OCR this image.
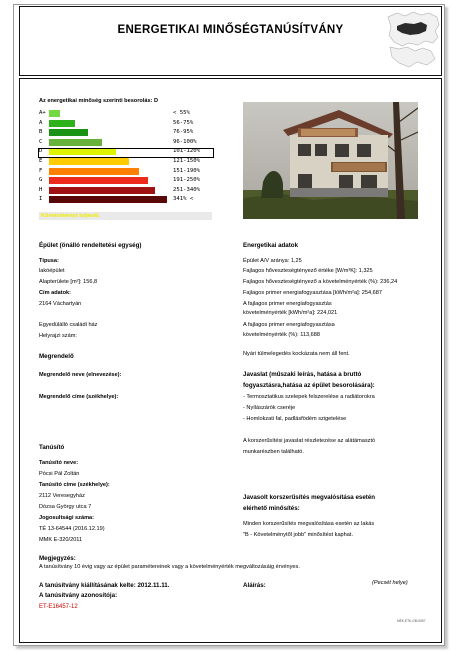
ENERGETIKAI MINŐSÉGTANÚSÍTVÁNY
Az energetikai minőség szerinti besorolás: D
A+	< 55%
A	56-75%
B	76-95%
C	96-100%
D	101-120%
E	121-150%
F	151-190%
G	191-250%
H	251-340%
I	341% <
Követelményt teljesíti.
Épület (önálló rendeltetési egység)
Típusa:
lakóépület
Alapterülete [m²]: 156,8
Cím adatok:
2164 Váchartyán
Egyedülálló családi ház
Helyrajzi szám:
Energetikai adatok
Épület A/V aránya: 1,25
Fajlagos hőveszteségtényező értéke [W/m³K]: 1,325
Fajlagos hőveszteségtényező a követelményérték (%): 236,24
Fajlagos primer energiafogyasztása [kWh/m²a]: 254,687
A fajlagos primer energiafogyasztás
követelményérték [kWh/m²a]: 224,021
A fajlagos primer energiafogyasztása
követelményérték (%): 113,688
Nyári túlmelegedés kockázata nem áll fent.
Megrendelő
Megrendelő neve (elnevezése):
Megrendelő címe (székhelye):
Javaslat (műszaki leírás, hatása a bruttó
fogyasztásra,hatása az épület besorolására):
- Termosztatikus szelepek felszerelése a radiátorokra
- Nyílászárók cseréje
- Homlokzati fal, padlásfödém szigetelése
A korszerűsítési javaslat részletezése az alátámasztó
munkarészben található.
Tanúsító
Tanúsító neve:
Pócsi Pál Zoltán
Tanúsító címe (székhelye):
2112 Veresegyház
Dózsa György utca 7
Jogosultsági száma:
TÉ 13-64544 (2016.12.19)
MMK E-320/2011
Javasolt korszerűsítés megvalósítása esetén
elérhető minősítés:
Minden korszerűsítés megvalósítása esetén az lakás
"B - Követelménytől jobb" minősítést kaphat.
Megjegyzés:
A tanúsítvány 10 évig vagy az épület paramétereinek vagy a követelményérték megváltozásáig érvényes.
A tanúsítvány kiállításának kelte: 2012.11.11.	Aláírás:	(Pecsét helye)
A tanúsítvány azonosítója:
ET-E16457-12
MÉK-ETK-GM-0507
